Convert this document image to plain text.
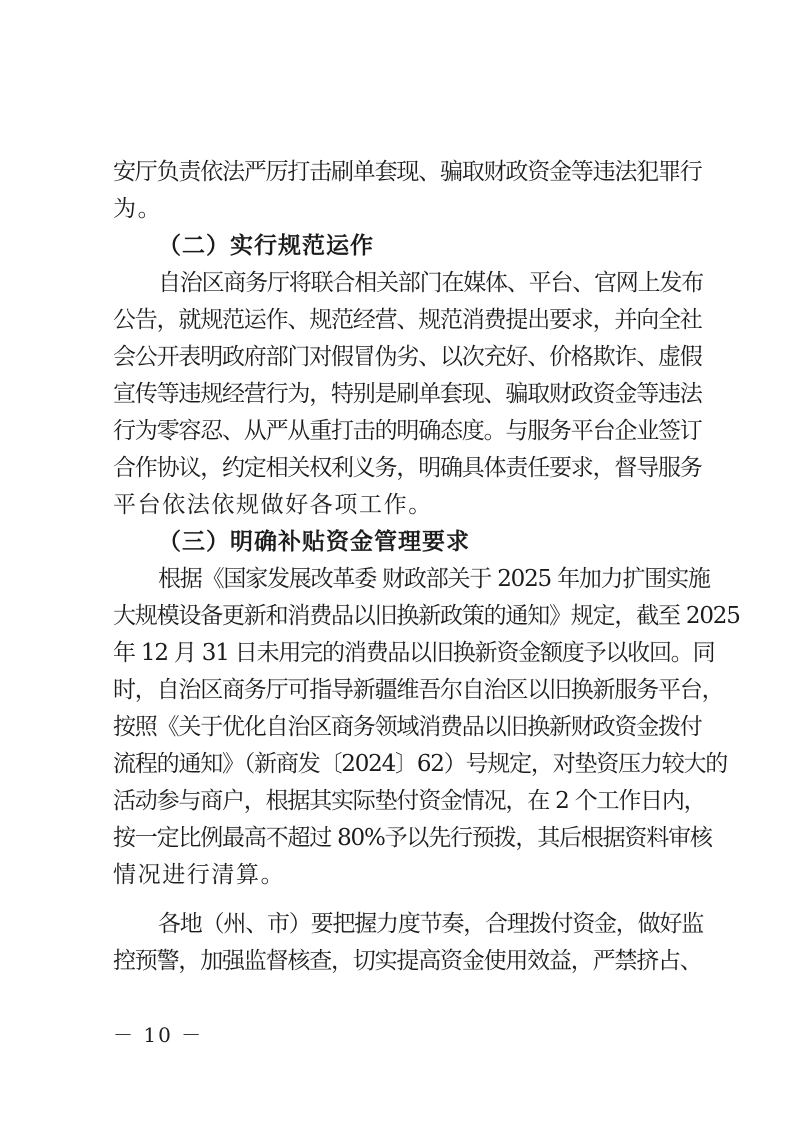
安厅负责依法严厉打击刷单套现、骗取财政资金等违法犯罪行
为。
（二）实行规范运作
自治区商务厅将联合相关部门在媒体、平台、官网上发布
公告，就规范运作、规范经营、规范消费提出要求，并向全社
会公开表明政府部门对假冒伪劣、以次充好、价格欺诈、虚假
宣传等违规经营行为，特别是刷单套现、骗取财政资金等违法
行为零容忍、从严从重打击的明确态度。与服务平台企业签订
合作协议，约定相关权利义务，明确具体责任要求，督导服务
平台依法依规做好各项工作。
（三）明确补贴资金管理要求
根据《国家发展改革委 财政部关于 2025 年加力扩围实施
大规模设备更新和消费品以旧换新政策的通知》规定，截至 2025
年 12 月 31 日未用完的消费品以旧换新资金额度予以收回。同
时，自治区商务厅可指导新疆维吾尔自治区以旧换新服务平台，
按照《关于优化自治区商务领域消费品以旧换新财政资金拨付
流程的通知》（新商发〔2024〕62）号规定，对垫资压力较大的
活动参与商户，根据其实际垫付资金情况，在 2 个工作日内，
按一定比例最高不超过 80%予以先行预拨，其后根据资料审核
情况进行清算。
各地（州、市）要把握力度节奏，合理拨付资金，做好监
控预警，加强监督核查，切实提高资金使用效益，严禁挤占、
－ 10 －
